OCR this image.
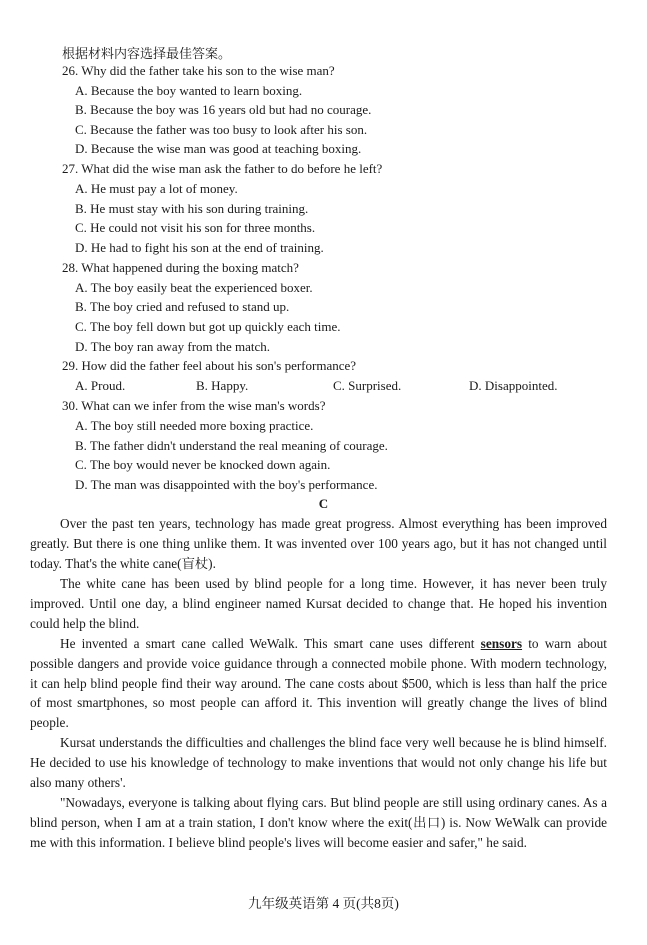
根据材料内容选择最佳答案。
26. Why did the father take his son to the wise man?
A. Because the boy wanted to learn boxing.
B. Because the boy was 16 years old but had no courage.
C. Because the father was too busy to look after his son.
D. Because the wise man was good at teaching boxing.
27. What did the wise man ask the father to do before he left?
A. He must pay a lot of money.
B. He must stay with his son during training.
C. He could not visit his son for three months.
D. He had to fight his son at the end of training.
28. What happened during the boxing match?
A. The boy easily beat the experienced boxer.
B. The boy cried and refused to stand up.
C. The boy fell down but got up quickly each time.
D. The boy ran away from the match.
29. How did the father feel about his son's performance?
A. Proud.	B. Happy.	C. Surprised.	D. Disappointed.
30. What can we infer from the wise man's words?
A. The boy still needed more boxing practice.
B. The father didn't understand the real meaning of courage.
C. The boy would never be knocked down again.
D. The man was disappointed with the boy's performance.
C

Over the past ten years, technology has made great progress. Almost everything has been improved greatly. But there is one thing unlike them. It was invented over 100 years ago, but it has not changed until today. That's the white cane(盲杖).

The white cane has been used by blind people for a long time. However, it has never been truly improved. Until one day, a blind engineer named Kursat decided to change that. He hoped his invention could help the blind.

He invented a smart cane called WeWalk. This smart cane uses different sensors to warn about possible dangers and provide voice guidance through a connected mobile phone. With modern technology, it can help blind people find their way around. The cane costs about $500, which is less than half the price of most smartphones, so most people can afford it. This invention will greatly change the lives of blind people.

Kursat understands the difficulties and challenges the blind face very well because he is blind himself. He decided to use his knowledge of technology to make inventions that would not only change his life but also many others'.

"Nowadays, everyone is talking about flying cars. But blind people are still using ordinary canes. As a blind person, when I am at a train station, I don't know where the exit(出口) is. Now WeWalk can provide me with this information. I believe blind people's lives will become easier and safer," he said.

九年级英语第 4 页(共8页)
